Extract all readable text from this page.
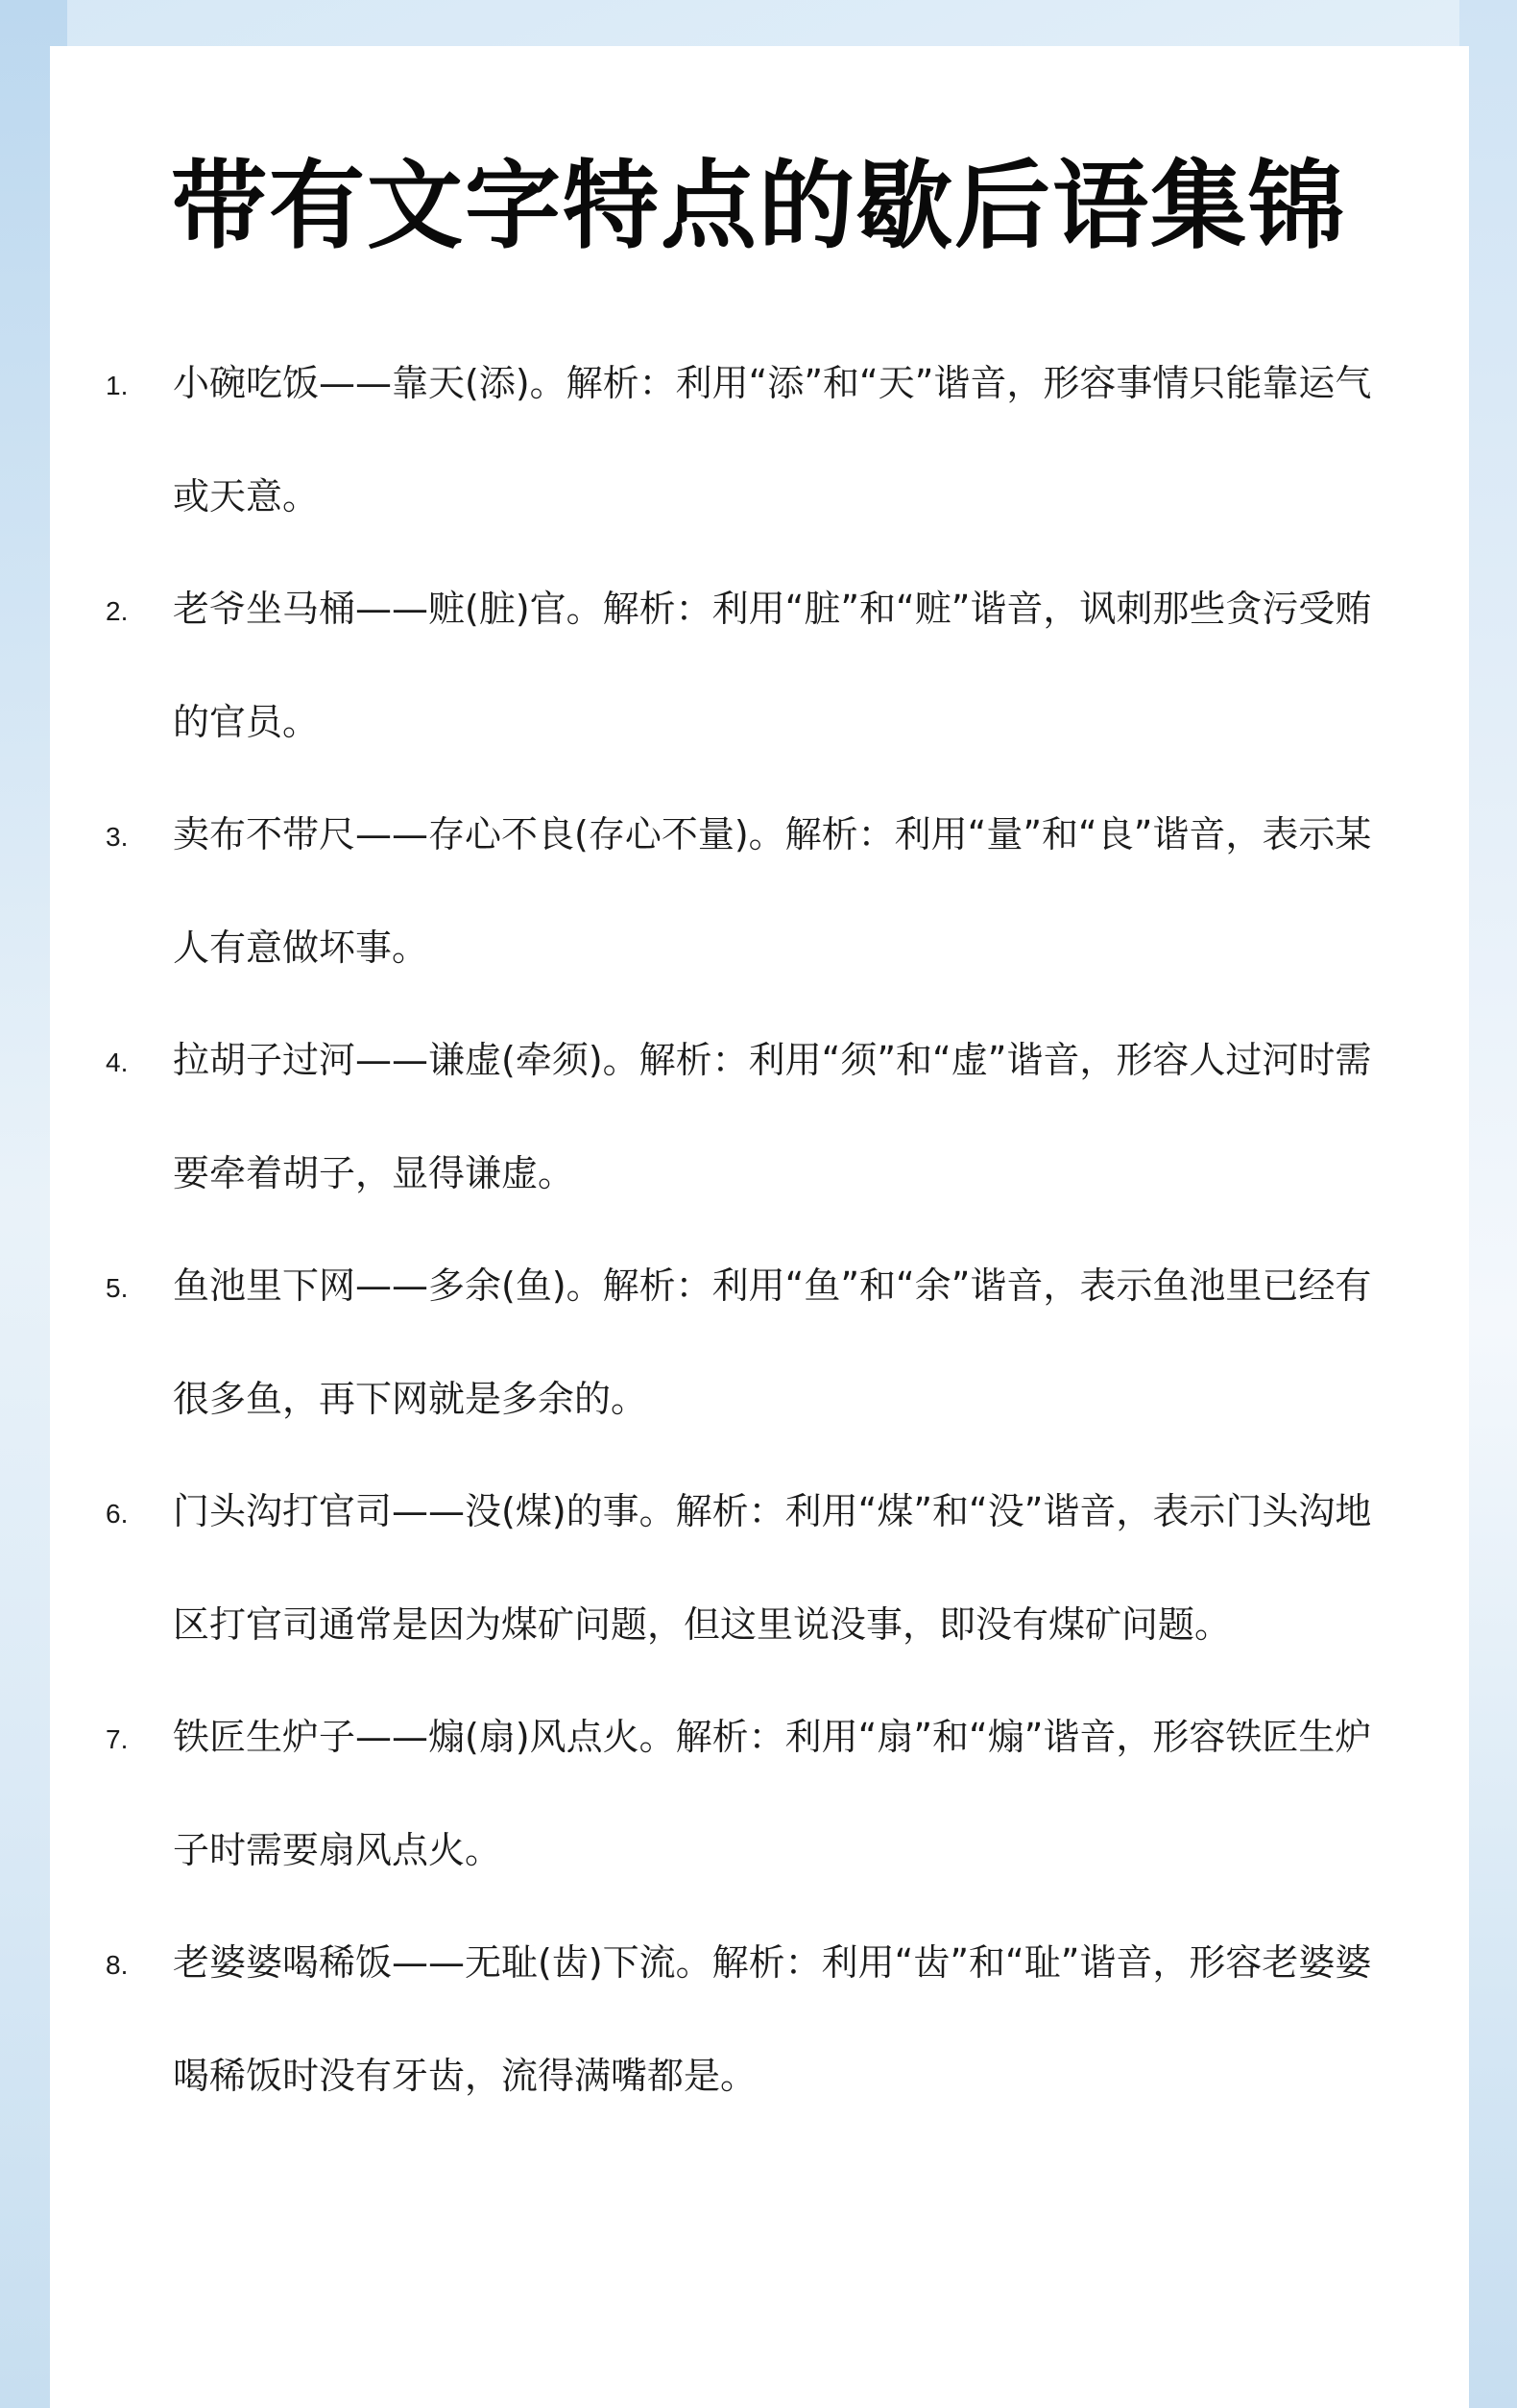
带有文字特点的歇后语集锦
1.	小碗吃饭——靠天(添)。解析：利用“添”和“天”谐音，形容事情只能靠运气或天意。
2.	老爷坐马桶——赃(脏)官。解析：利用“脏”和“赃”谐音，讽刺那些贪污受贿的官员。
3.	卖布不带尺——存心不良(存心不量)。解析：利用“量”和“良”谐音，表示某人有意做坏事。
4.	拉胡子过河——谦虚(牵须)。解析：利用“须”和“虚”谐音，形容人过河时需要牵着胡子，显得谦虚。
5.	鱼池里下网——多余(鱼)。解析：利用“鱼”和“余”谐音，表示鱼池里已经有很多鱼，再下网就是多余的。
6.	门头沟打官司——没(煤)的事。解析：利用“煤”和“没”谐音，表示门头沟地区打官司通常是因为煤矿问题，但这里说没事，即没有煤矿问题。
7.	铁匠生炉子——煽(扇)风点火。解析：利用“扇”和“煽”谐音，形容铁匠生炉子时需要扇风点火。
8.	老婆婆喝稀饭——无耻(齿)下流。解析：利用“齿”和“耻”谐音，形容老婆婆喝稀饭时没有牙齿，流得满嘴都是。
